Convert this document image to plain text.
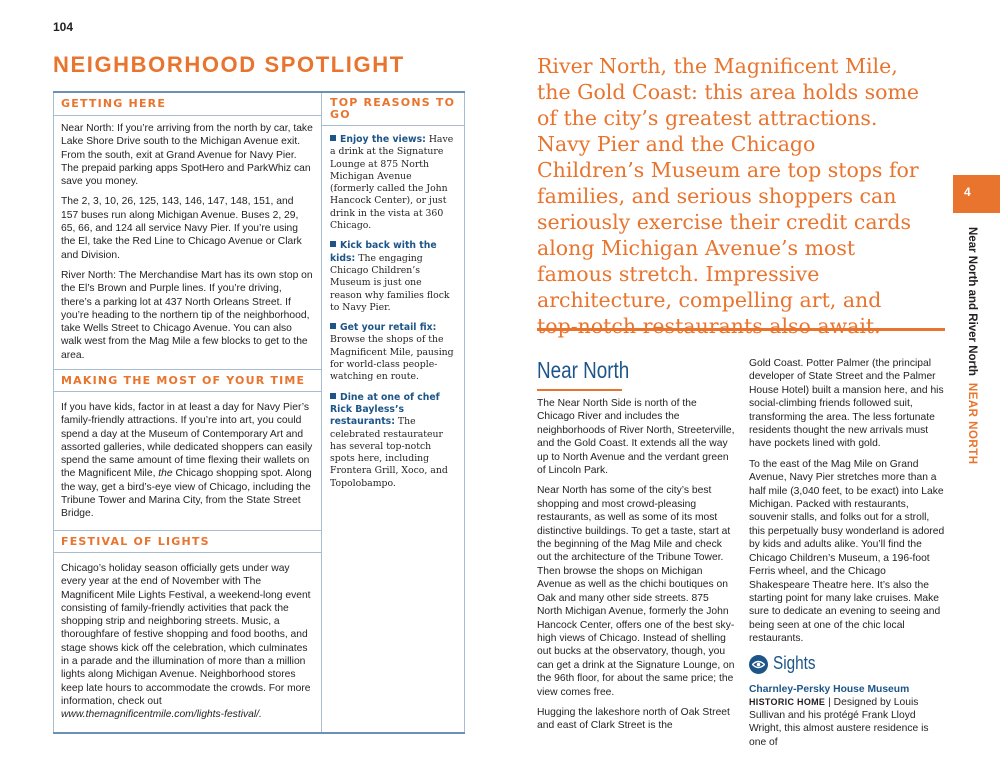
104
NEIGHBORHOOD SPOTLIGHT
GETTING HERE

Near North: If you’re arriving from the north by car, take Lake Shore Drive south to the Michigan Avenue exit. From the south, exit at Grand Avenue for Navy Pier. The prepaid parking apps SpotHero and ParkWhiz can save you money.

The 2, 3, 10, 26, 125, 143, 146, 147, 148, 151, and 157 buses run along Michigan Avenue. Buses 2, 29, 65, 66, and 124 all service Navy Pier. If you’re using the El, take the Red Line to Chicago Avenue or Clark and Division.

River North: The Merchandise Mart has its own stop on the El’s Brown and Purple lines. If you’re driving, there’s a parking lot at 437 North Orleans Street. If you’re heading to the northern tip of the neighborhood, take Wells Street to Chicago Avenue. You can also walk west from the Mag Mile a few blocks to get to the area.

MAKING THE MOST OF YOUR TIME

If you have kids, factor in at least a day for Navy Pier’s family-friendly attractions. If you’re into art, you could spend a day at the Museum of Contemporary Art and assorted galleries, while dedicated shoppers can easily spend the same amount of time flexing their wallets on the Magnificent Mile, the Chicago shopping spot. Along the way, get a bird’s-eye view of Chicago, including the Tribune Tower and Marina City, from the State Street Bridge.

FESTIVAL OF LIGHTS

Chicago’s holiday season officially gets under way every year at the end of November with The Magnificent Mile Lights Festival, a weekend-long event consisting of family-friendly activities that pack the shopping strip and neighboring streets. Music, a thoroughfare of festive shopping and food booths, and stage shows kick off the celebration, which culminates in a parade and the illumination of more than a million lights along Michigan Avenue. Neighborhood stores keep late hours to accommodate the crowds. For more information, check out www.themagnificentmile.com/lights-festival/.

TOP REASONS TO GO
Enjoy the views: Have a drink at the Signature Lounge at 875 North Michigan Avenue (formerly called the John Hancock Center), or just drink in the vista at 360 Chicago.
Kick back with the kids: The engaging Chicago Children’s Museum is just one reason why families flock to Navy Pier.
Get your retail fix: Browse the shops of the Magnificent Mile, pausing for world-class people-watching en route.
Dine at one of chef Rick Bayless’s restaurants: The celebrated restaurateur has several top-notch spots here, including Frontera Grill, Xoco, and Topolobampo.
River North, the Magnificent Mile, the Gold Coast: this area holds some of the city’s greatest attractions. Navy Pier and the Chicago Children’s Museum are top stops for families, and serious shoppers can seriously exercise their credit cards along Michigan Avenue’s most famous stretch. Impressive architecture, compelling art, and top-notch restaurants also await.
4
Near North and River NorthNEAR NORTH
Near North

The Near North Side is north of the Chicago River and includes the neighborhoods of River North, Streeterville, and the Gold Coast. It extends all the way up to North Avenue and the verdant green of Lincoln Park.

Near North has some of the city’s best shopping and most crowd-pleasing restaurants, as well as some of its most distinctive buildings. To get a taste, start at the beginning of the Mag Mile and check out the architecture of the Tribune Tower. Then browse the shops on Michigan Avenue as well as the chichi boutiques on Oak and many other side streets. 875 North Michigan Avenue, formerly the John Hancock Center, offers one of the best sky-high views of Chicago. Instead of shelling out bucks at the observatory, though, you can get a drink at the Signature Lounge, on the 96th floor, for about the same price; the view comes free.

Hugging the lakeshore north of Oak Street and east of Clark Street is the

Gold Coast. Potter Palmer (the principal developer of State Street and the Palmer House Hotel) built a mansion here, and his social-climbing friends followed suit, transforming the area. The less fortunate residents thought the new arrivals must have pockets lined with gold.

To the east of the Mag Mile on Grand Avenue, Navy Pier stretches more than a half mile (3,040 feet, to be exact) into Lake Michigan. Packed with restaurants, souvenir stalls, and folks out for a stroll, this perpetually busy wonderland is adored by kids and adults alike. You’ll find the Chicago Children’s Museum, a 196-foot Ferris wheel, and the Chicago Shakespeare Theatre here. It’s also the starting point for many lake cruises. Make sure to dedicate an evening to seeing and being seen at one of the chic local restaurants.

Sights
Charnley-Persky House Museum
HISTORIC HOME | Designed by Louis Sullivan and his protégé Frank Lloyd Wright, this almost austere residence is one of
